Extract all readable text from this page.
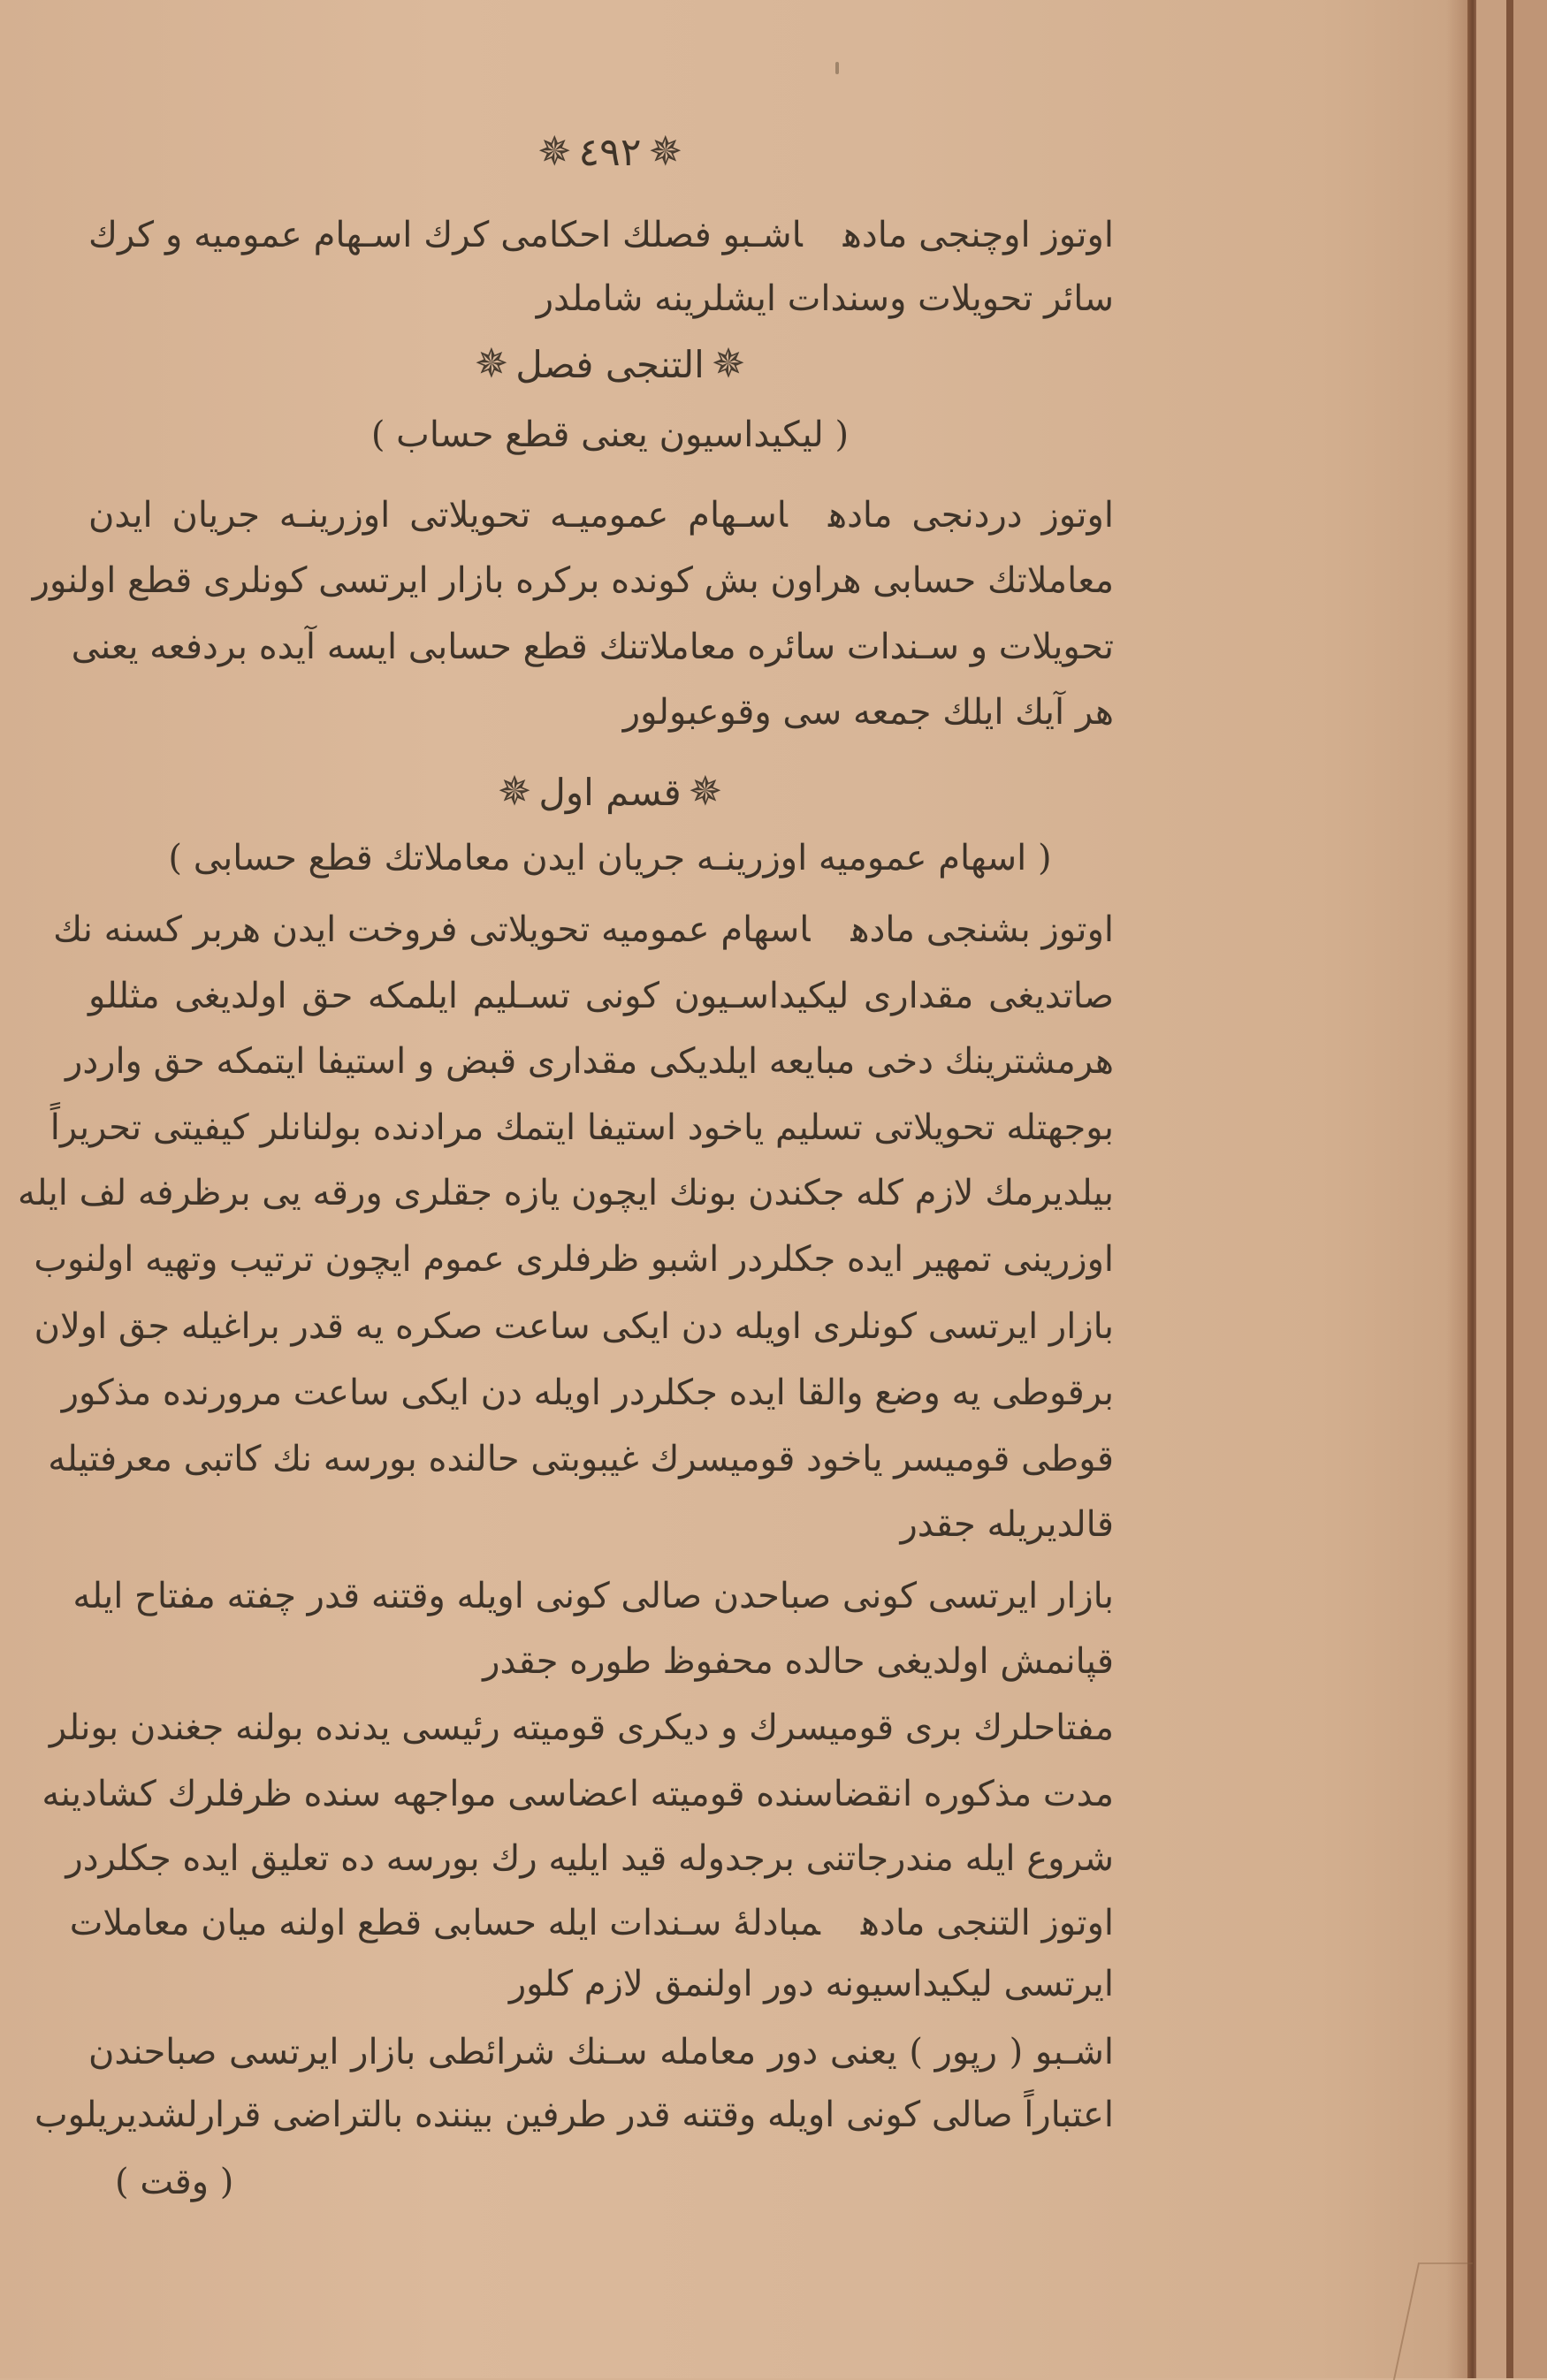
✵ ٤٩٢ ✵
اوتوز اوچنجی مادهاشـبو فصلك احكامی كرك اسـهام عمومیه و كرك
سائر تحویلات وسندات ایشلرینه شاملدر
✵التنجی فصل✵
( لیكیداسیون یعنی قطع حساب )
اوتوز دردنجی مادهاسـهام عمومیـه تحویلاتی اوزرینـه جریان ایدن
معاملاتك حسابی هراون بش كونده بركره بازار ایرتسی كونلری قطع اولنور
تحویلات و سـندات سائره معاملاتنك قطع حسابی ایسه آیده بردفعه یعنی
هر آیك ایلك جمعه سی وقوعبولور
✵قسم اول✵
( اسهام عمومیه اوزرینـه جریان ایدن معاملاتك قطع حسابی )
اوتوز بشنجی مادهاسهام عمومیه تحویلاتی فروخت ایدن هربر كسنه نك
صاتدیغی مقداری لیكیداسـیون كونی تسـلیم ایلمكه حق اولدیغی مثللو
هرمشترینك دخی مبایعه ایلدیكی مقداری قبض و استیفا ایتمكه حق واردر
بوجهتله تحویلاتی تسلیم یاخود استیفا ایتمك مرادنده بولنانلر كیفیتی تحریراً
بیلدیرمك لازم كله جكندن بونك ایچون یازه جقلری ورقه یی برظرفه لف ایله
اوزرینی تمهیر ایده جكلردر اشبو ظرفلری عموم ایچون ترتیب وتهیه اولنوب
بازار ایرتسی كونلری اویله دن ایكی ساعت صكره یه قدر براغیله جق اولان
برقوطی یه وضع والقا ایده جكلردر اویله دن ایكی ساعت مرورنده مذكور
قوطی قومیسر یاخود قومیسرك غیبوبتی حالنده بورسه نك كاتبی معرفتیله
قالدیریله جقدر
بازار ایرتسی كونی صباحدن صالی كونی اویله وقتنه قدر چفته مفتاح ایله
قپانمش اولدیغی حالده محفوظ طوره جقدر
مفتاحلرك بری قومیسرك و دیكری قومیته رئیسی یدنده بولنه جغندن بونلر
مدت مذكوره انقضاسنده قومیته اعضاسی مواجهه سنده ظرفلرك كشادینه
شروع ایله مندرجاتنی برجدوله قید ایلیه رك بورسه ده تعلیق ایده جكلردر
اوتوز التنجی مادهمبادلهٔ سـندات ایله حسابی قطع اولنه میان معاملات
ایرتسی لیكیداسیونه دور اولنمق لازم كلور
اشـبو ( رپور ) یعنی دور معامله سـنك شرائطی بازار ایرتسی صباحندن
اعتباراً صالی كونی اویله وقتنه قدر طرفین بیننده بالتراضی قرارلشدیریلوب
( وقت )
